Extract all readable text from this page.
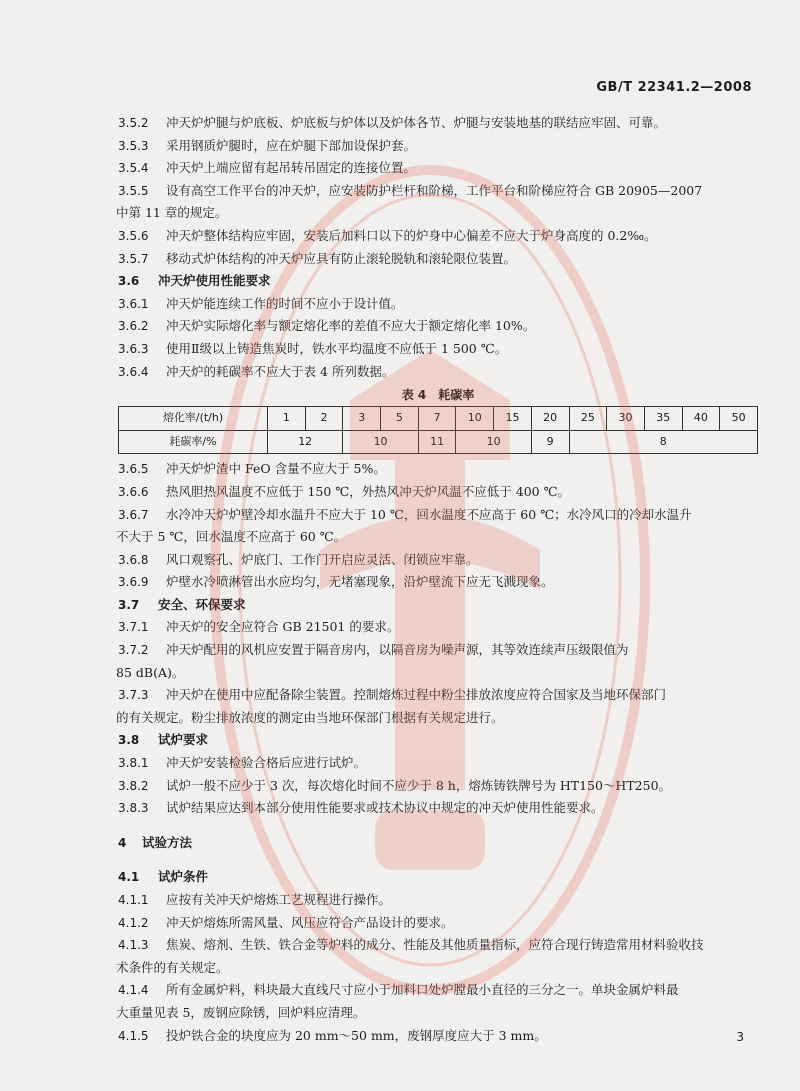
GB/T 22341.2—2008
3.5.2 冲天炉炉腿与炉底板、炉底板与炉体以及炉体各节、炉腿与安装地基的联结应牢固、可靠。
3.5.3 采用钢质炉腿时，应在炉腿下部加设保护套。
3.5.4 冲天炉上端应留有起吊转吊固定的连接位置。
3.5.5 设有高空工作平台的冲天炉，应安装防护栏杆和阶梯，工作平台和阶梯应符合 GB 20905—2007
中第 11 章的规定。
3.5.6 冲天炉整体结构应牢固，安装后加料口以下的炉身中心偏差不应大于炉身高度的 0.2‰。
3.5.7 移动式炉体结构的冲天炉应具有防止滚轮脱轨和滚轮限位装置。
3.6 冲天炉使用性能要求
3.6.1 冲天炉能连续工作的时间不应小于设计值。
3.6.2 冲天炉实际熔化率与额定熔化率的差值不应大于额定熔化率 10%。
3.6.3 使用Ⅱ级以上铸造焦炭时，铁水平均温度不应低于 1 500 ℃。
3.6.4 冲天炉的耗碳率不应大于表 4 所列数据。
表 4　耗碳率
熔化率/(t/h)	1	2	3	5	7	10	15	20	25	30	35	40	50
耗碳率/%	12		10		11	10		9	8				
3.6.5 冲天炉炉渣中 FeO 含量不应大于 5%。
3.6.6 热风胆热风温度不应低于 150 ℃，外热风冲天炉风温不应低于 400 ℃。
3.6.7 水冷冲天炉炉壁冷却水温升不应大于 10 ℃，回水温度不应高于 60 ℃；水冷风口的冷却水温升
不大于 5 ℃，回水温度不应高于 60 ℃。
3.6.8 风口观察孔、炉底门、工作门开启应灵活、闭锁应牢靠。
3.6.9 炉壁水冷喷淋管出水应均匀，无堵塞现象，沿炉壁流下应无飞溅现象。
3.7 安全、环保要求
3.7.1 冲天炉的安全应符合 GB 21501 的要求。
3.7.2 冲天炉配用的风机应安置于隔音房内，以隔音房为噪声源，其等效连续声压级限值为
85 dB(A)。
3.7.3 冲天炉在使用中应配备除尘装置。控制熔炼过程中粉尘排放浓度应符合国家及当地环保部门
的有关规定。粉尘排放浓度的测定由当地环保部门根据有关规定进行。
3.8 试炉要求
3.8.1 冲天炉安装检验合格后应进行试炉。
3.8.2 试炉一般不应少于 3 次，每次熔化时间不应少于 8 h，熔炼铸铁牌号为 HT150～HT250。
3.8.3 试炉结果应达到本部分使用性能要求或技术协议中规定的冲天炉使用性能要求。
4 试验方法
4.1 试炉条件
4.1.1 应按有关冲天炉熔炼工艺规程进行操作。
4.1.2 冲天炉熔炼所需风量、风压应符合产品设计的要求。
4.1.3 焦炭、熔剂、生铁、铁合金等炉料的成分、性能及其他质量指标，应符合现行铸造常用材料验收技
术条件的有关规定。
4.1.4 所有金属炉料，料块最大直线尺寸应小于加料口处炉膛最小直径的三分之一。单块金属炉料最
大重量见表 5，废钢应除锈，回炉料应清理。
4.1.5 投炉铁合金的块度应为 20 mm～50 mm，废钢厚度应大于 3 mm。	3
